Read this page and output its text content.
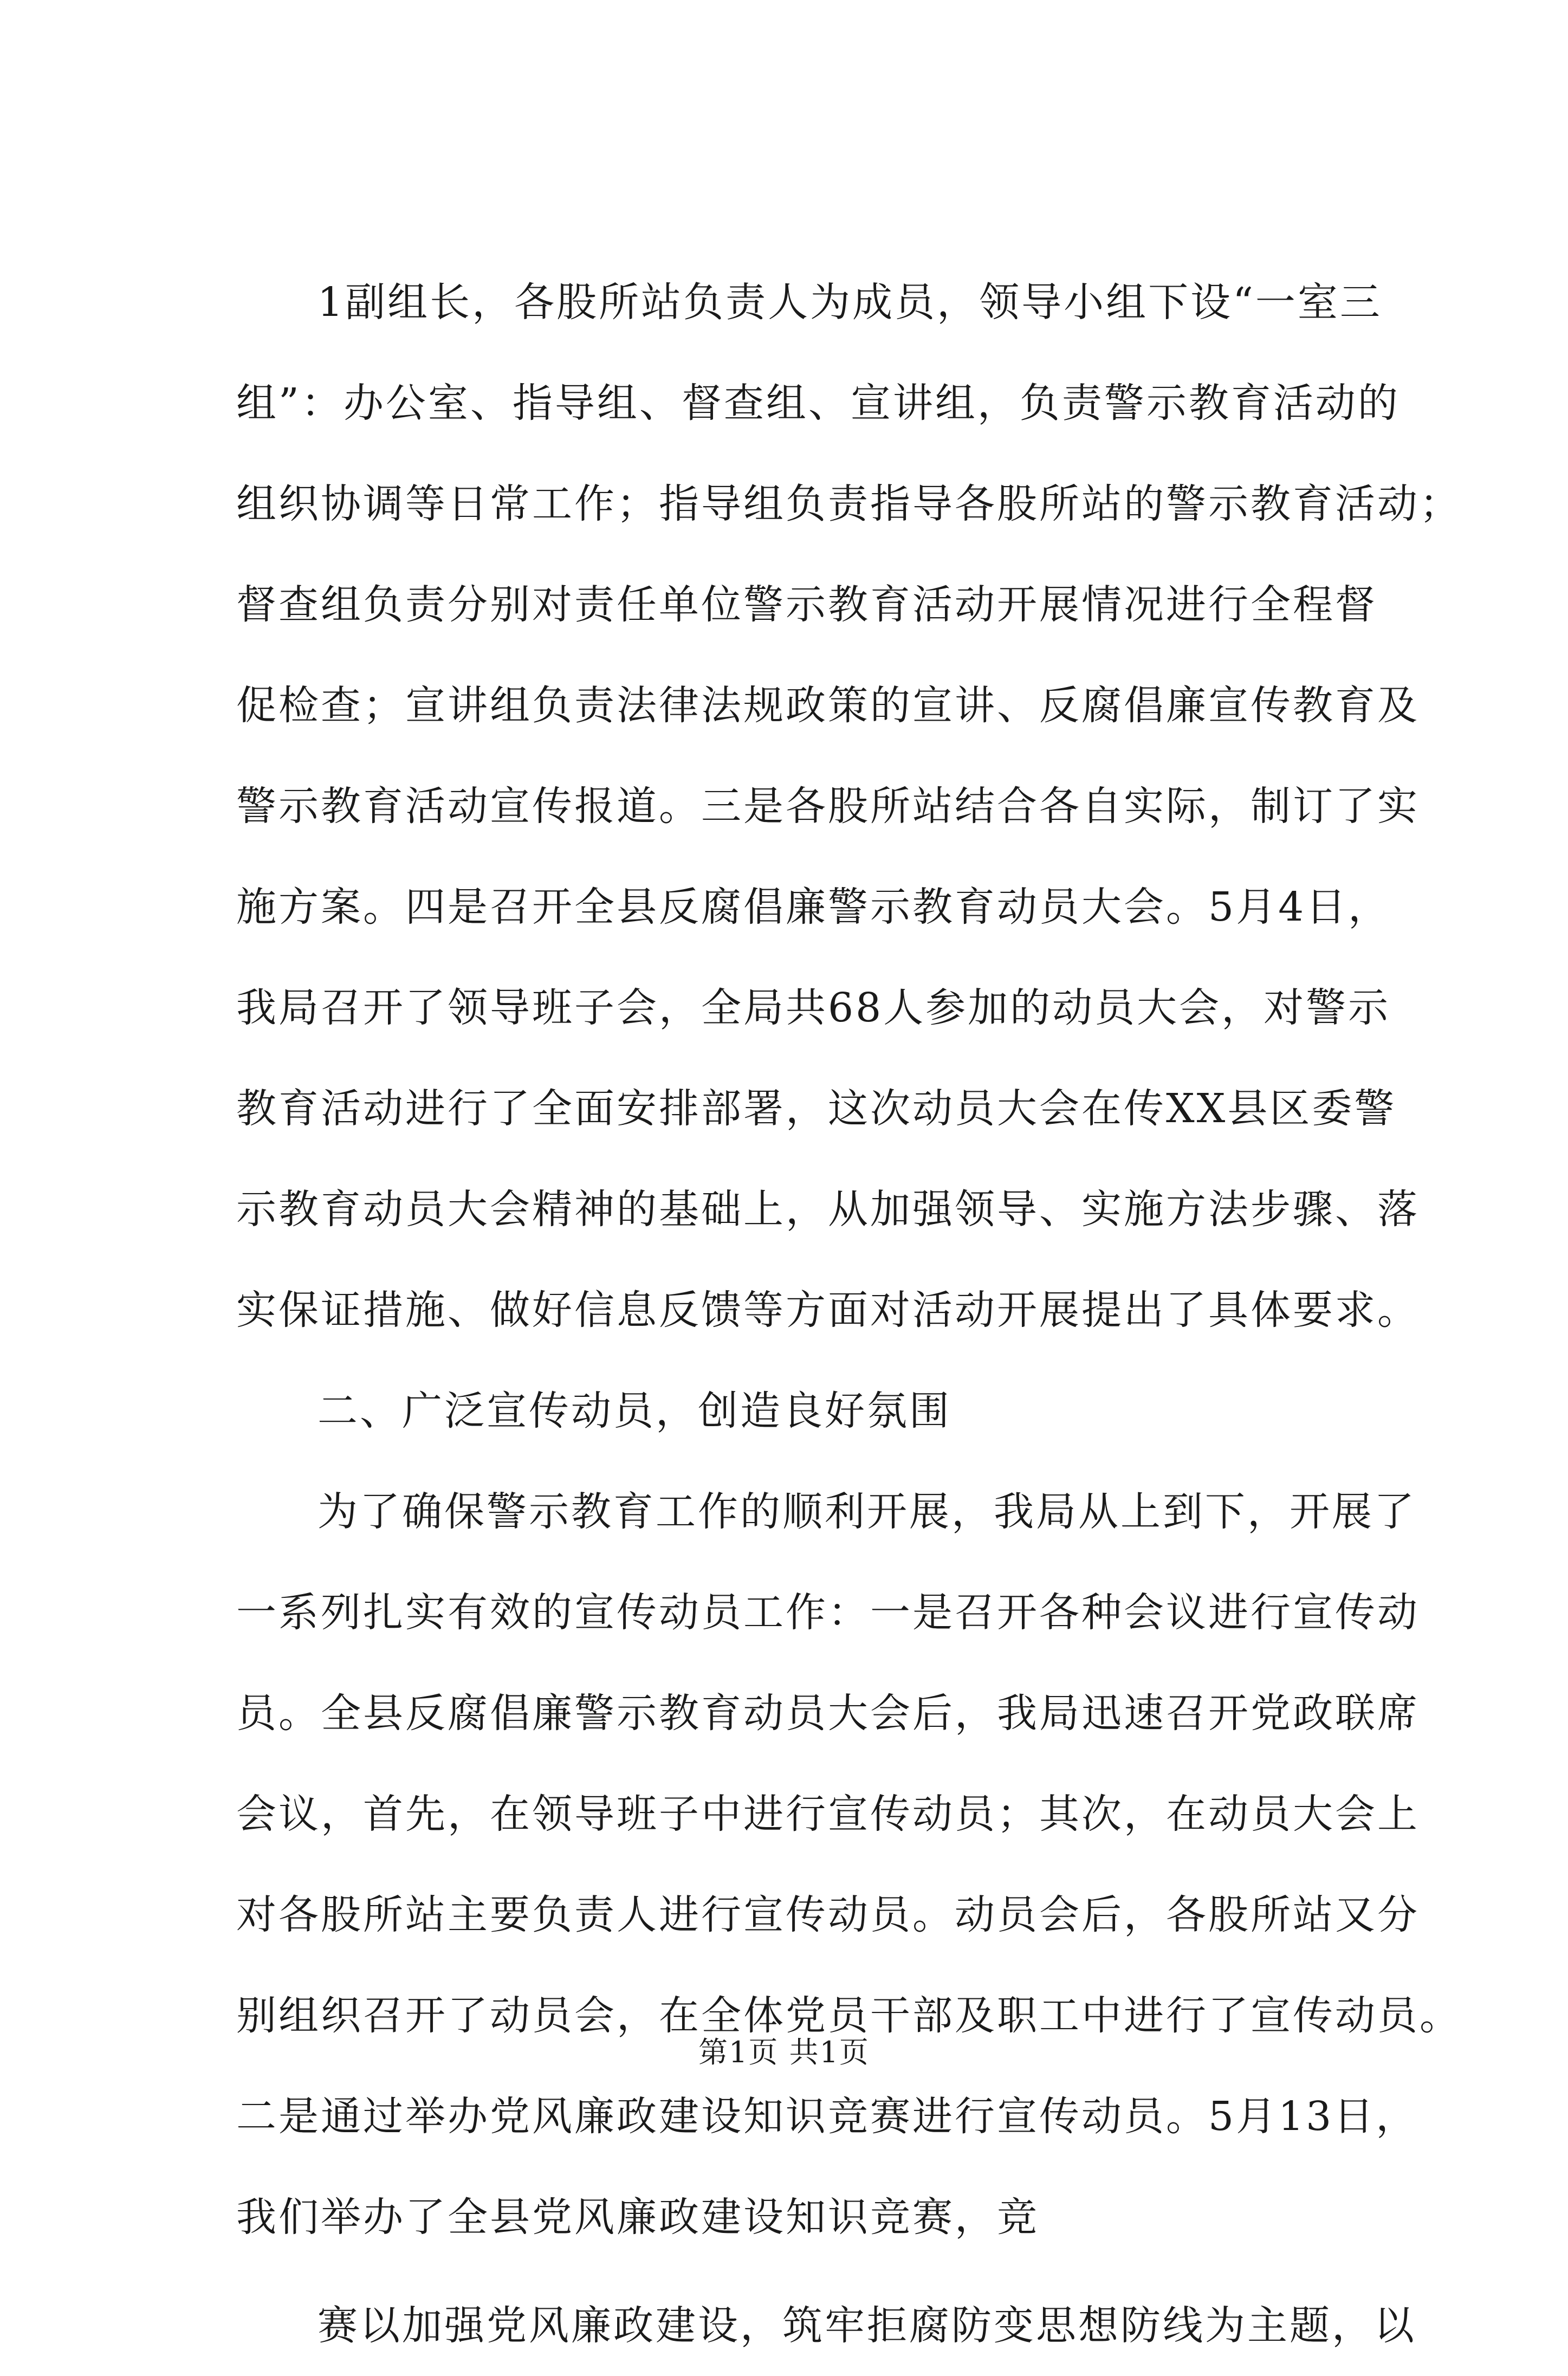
1副组长，各股所站负责人为成员，领导小组下设“一室三
组”：办公室、指导组、督查组、宣讲组，负责警示教育活动的
组织协调等日常工作；指导组负责指导各股所站的警示教育活动；
督查组负责分别对责任单位警示教育活动开展情况进行全程督
促检查；宣讲组负责法律法规政策的宣讲、反腐倡廉宣传教育及
警示教育活动宣传报道。三是各股所站结合各自实际，制订了实
施方案。四是召开全县反腐倡廉警示教育动员大会。5月4日，
我局召开了领导班子会，全局共68人参加的动员大会，对警示
教育活动进行了全面安排部署，这次动员大会在传XX县区委警
示教育动员大会精神的基础上，从加强领导、实施方法步骤、落
实保证措施、做好信息反馈等方面对活动开展提出了具体要求。
二、广泛宣传动员，创造良好氛围
为了确保警示教育工作的顺利开展，我局从上到下，开展了
一系列扎实有效的宣传动员工作：一是召开各种会议进行宣传动
员。全县反腐倡廉警示教育动员大会后，我局迅速召开党政联席
会议，首先，在领导班子中进行宣传动员；其次，在动员大会上
对各股所站主要负责人进行宣传动员。动员会后，各股所站又分
别组织召开了动员会，在全体党员干部及职工中进行了宣传动员。
二是通过举办党风廉政建设知识竞赛进行宣传动员。5月13日，
我们举办了全县党风廉政建设知识竞赛，竞
赛以加强党风廉政建设，筑牢拒腐防变思想防线为主题，以
第1页 共1页
